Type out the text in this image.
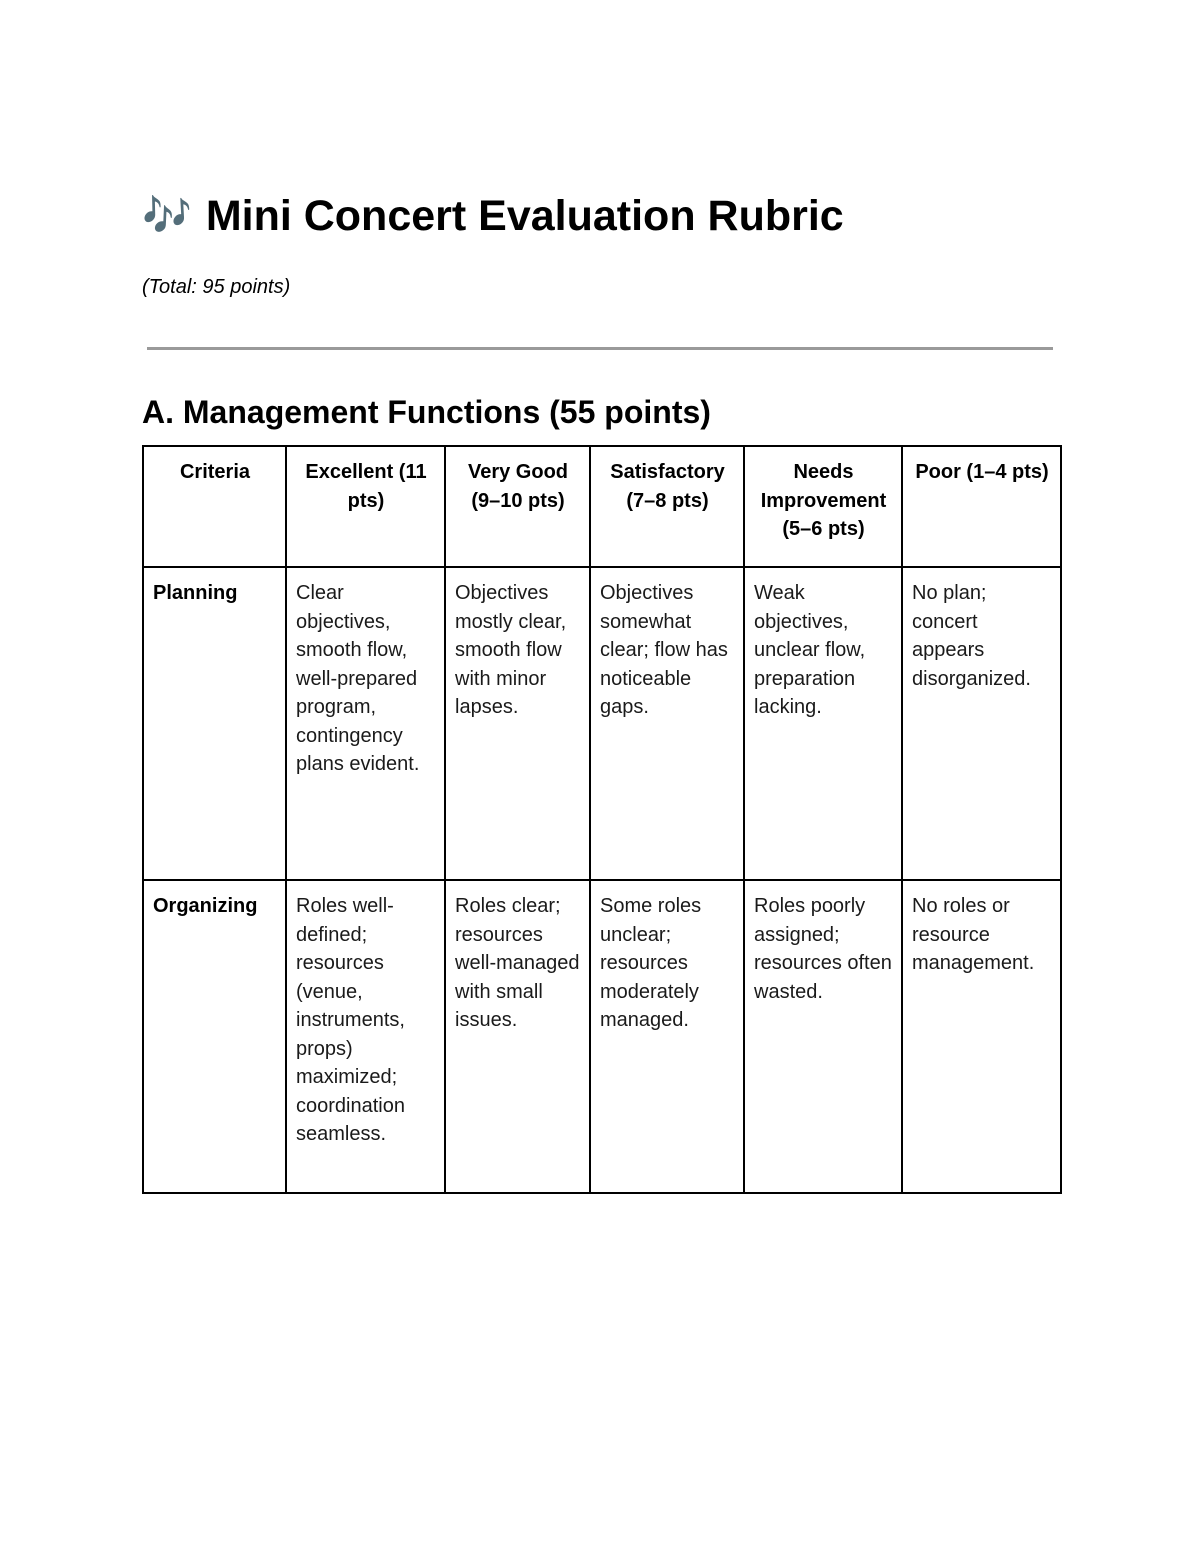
🎶 Mini Concert Evaluation Rubric
(Total: 95 points)
A. Management Functions (55 points)
Criteria	Excellent (11 pts)	Very Good (9–10 pts)	Satisfactory (7–8 pts)	Needs Improvement (5–6 pts)	Poor (1–4 pts)
Planning	Clear objectives, smooth flow, well-prepared program, contingency plans evident.	Objectives mostly clear, smooth flow with minor lapses.	Objectives somewhat clear; flow has noticeable gaps.	Weak objectives, unclear flow, preparation lacking.	No plan; concert appears disorganized.
Organizing	Roles well-defined; resources (venue, instruments, props) maximized; coordination seamless.	Roles clear; resources well-managed with small issues.	Some roles unclear; resources moderately managed.	Roles poorly assigned; resources often wasted.	No roles or resource management.
